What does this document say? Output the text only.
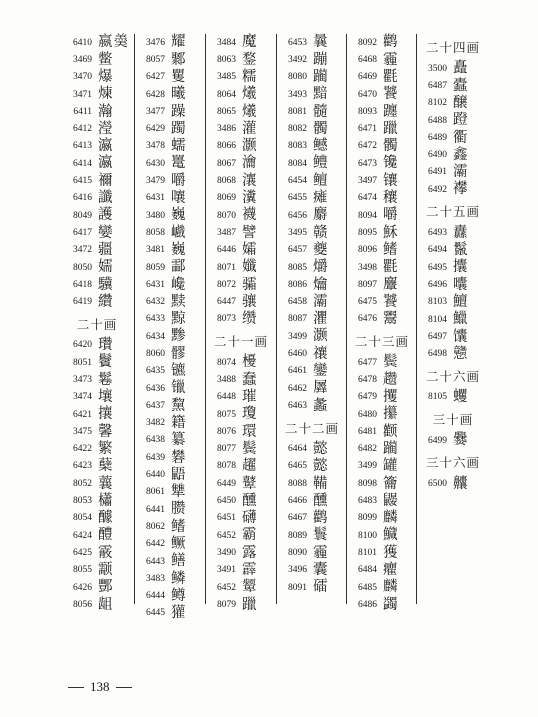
6410 嬴羮
3469 鳖
3470 爆
3471 煉
6411 瀚
6412 瀅
6413 瀛
6414 瀛
6415 禰
6416 讖
8049 護
6417 孌
3472 疆
8050 嬬
6418 驥
6419 纘
二十画
6420 瓚
8051 鬢
3473 鬈
3474 壤
6421 攘
3475 馨
6422 繁
6423 蘖
8052 蘘
8053 櫹
8054 醵
6424 醴
6425 霰
8055 颥
6426 酆
8056 龃
3476 耀
8057 鄹
6427 矍
6428 曦
3477 躁
6429 躅
3478 蠕
6430 鼍
3479 嚼
6431 嚷
3480 巍
8058 巇
3481 巍
8059 酃
6431 巉
6432 黩
6433 黥
6434 黪
8060 髎
6435 镳
6436 镴
6437 黧
3482 籍
6438 纂
6439 礬
6440 鼯
8061 犨
6441 臜
8062 鳍
6442 鳜
6443 鳝
3483 鳞
6444 鳟
6445 獾
3484 魔
8063 鍪
3485 糯
8064 爔
8065 爔
3486 灌
8066 灏
8067 瀹
8068 瀼
8069 瀵
8070 襪
3487 譬
6446 孀
8071 孅
8072 骦
6447 骧
8073 缵
二十一画
8074 櫌
3488 蠢
6448 璀
8075 瓊
8076 環
8077 鬓
8078 趯
6449 鼙
6450 醺
6451 礴
6452 霸
3490 露
3491 霹
6452 颦
8079 躐
6453 曩
3492 蹦
8080 躏
3493 黯
8081 髓
8082 髑
8083 鳡
8084 鳢
6454 鳣
6455 瘫
6456 麝
3495 赣
6457 夔
8085 爝
8086 爚
6458 灞
8087 灈
3499 灏
6460 禳
6461 鑾
6462 羼
6463 蠡
二十二画
6464 懿
6465 懿
8088 鞴
6466 醺
6467 鹳
8089 鬟
8090 霾
3496 囊
8091 礌
8092 鹳
6468 霾
6469 氍
6470 饕
8093 躔
6471 躐
6472 髑
6473 镵
3497 镶
6474 穰
8094 嚼
8095 穌
8096 鳍
3498 氍
8097 麞
6475 饕
6476 鬻
二十三画
6477 鬓
6478 趱
6479 攫
6480 攥
6481 颧
6482 躏
3499 罐
8098 籥
6483 鼹
8099 麟
8100 鱵
8101 獲
6484 癯
6485 麟
6486 蠲
二十四画
3500 矗
6487 蠹
8102 醸
6488 蹬
6489 衢
6490 鑫
6491 灞
6492 襻
二十五画
6493 纛
6494 鬣
6495 攮
6496 囔
8103 鱣
8104 鱲
6497 馕
6498 戆
二十六画
8105 蠼
三十画
6499 爨
三十六画
6500 齉
138
